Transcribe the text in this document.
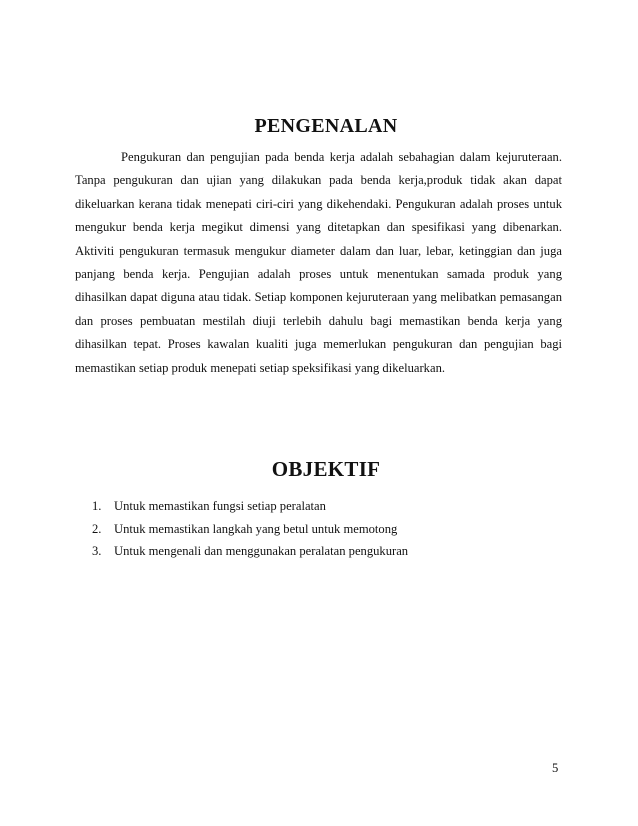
PENGENALAN

Pengukuran dan pengujian pada benda kerja adalah sebahagian dalam kejuruteraan. Tanpa pengukuran dan ujian yang dilakukan pada benda kerja,produk tidak akan dapat dikeluarkan kerana tidak menepati ciri-ciri yang dikehendaki. Pengukuran adalah proses untuk mengukur benda kerja megikut dimensi yang ditetapkan dan spesifikasi yang dibenarkan. Aktiviti pengukuran termasuk mengukur diameter dalam dan luar, lebar, ketinggian dan juga panjang benda kerja. Pengujian adalah proses untuk menentukan samada produk yang dihasilkan dapat diguna atau tidak. Setiap komponen kejuruteraan yang melibatkan pemasangan dan proses pembuatan mestilah diuji terlebih dahulu bagi memastikan benda kerja yang dihasilkan tepat. Proses kawalan kualiti juga memerlukan pengukuran dan pengujian bagi memastikan setiap produk menepati setiap speksifikasi yang dikeluarkan.

OBJEKTIF
1. Untuk memastikan fungsi setiap peralatan
2. Untuk memastikan langkah yang betul untuk memotong
3. Untuk mengenali dan menggunakan peralatan pengukuran
5
